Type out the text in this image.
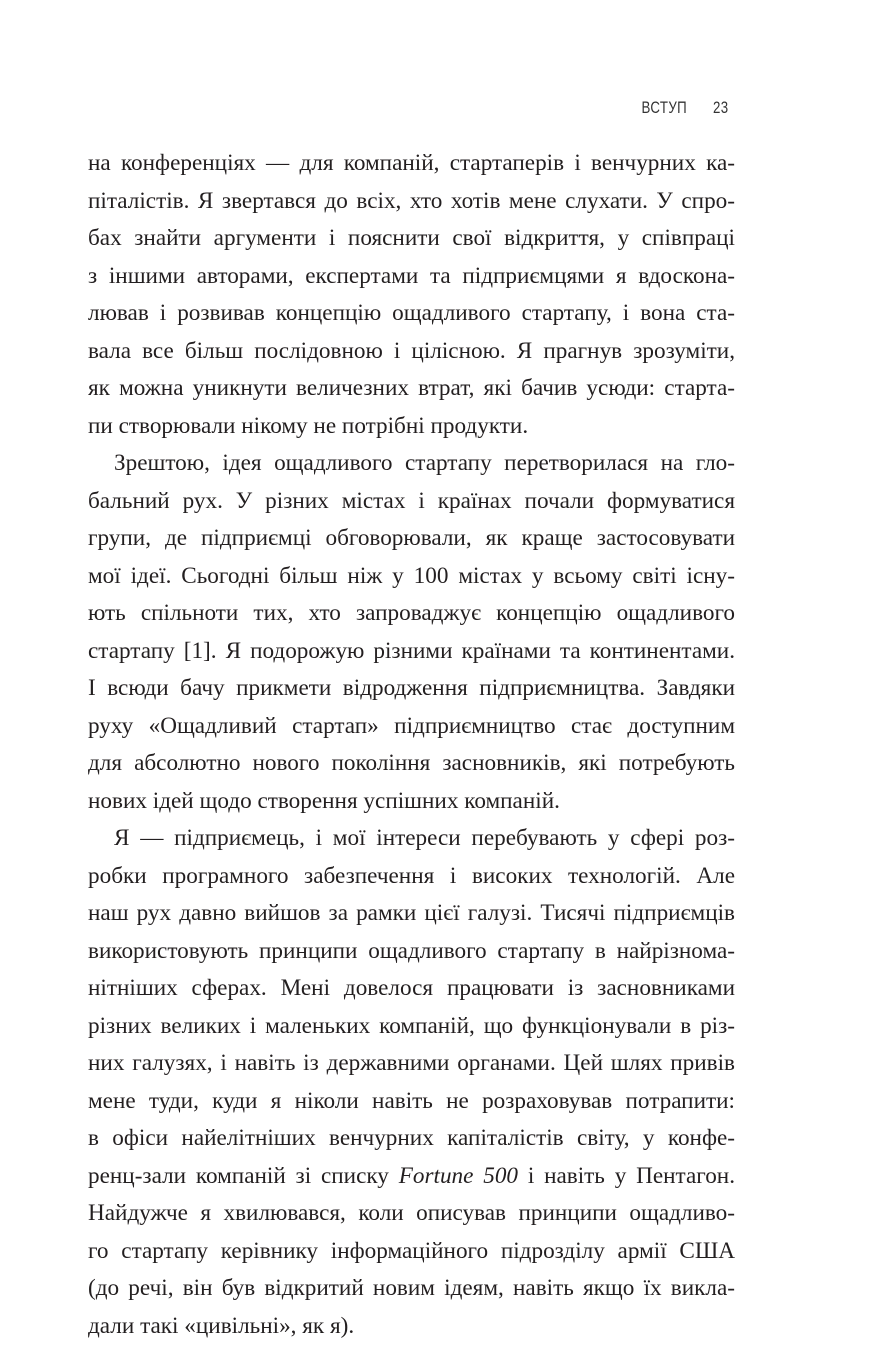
ВСТУП 23
на конференціях — для компаній, стартаперів і венчурних ка-
піталістів. Я звертався до всіх, хто хотів мене слухати. У спро-
бах знайти аргументи і пояснити свої відкриття, у співпраці
з іншими авторами, експертами та підприємцями я вдоскона-
лював і розвивав концепцію ощадливого стартапу, і вона ста-
вала все більш послідовною і цілісною. Я прагнув зрозуміти,
як можна уникнути величезних втрат, які бачив усюди: старта-
пи створювали нікому не потрібні продукти.
Зрештою, ідея ощадливого стартапу перетворилася на гло-
бальний рух. У різних містах і країнах почали формуватися
групи, де підприємці обговорювали, як краще застосовувати
мої ідеї. Сьогодні більш ніж у 100 містах у всьому світі існу-
ють спільноти тих, хто запроваджує концепцію ощадливого
стартапу [1]. Я подорожую різними країнами та континентами.
І всюди бачу прикмети відродження підприємництва. Завдяки
руху «Ощадливий стартап» підприємництво стає доступним
для абсолютно нового покоління засновників, які потребують
нових ідей щодо створення успішних компаній.
Я — підприємець, і мої інтереси перебувають у сфері роз-
робки програмного забезпечення і високих технологій. Але
наш рух давно вийшов за рамки цієї галузі. Тисячі підприємців
використовують принципи ощадливого стартапу в найрізнома-
нітніших сферах. Мені довелося працювати із засновниками
різних великих і маленьких компаній, що функціонували в різ-
них галузях, і навіть із державними органами. Цей шлях привів
мене туди, куди я ніколи навіть не розраховував потрапити:
в офіси найелітніших венчурних капіталістів світу, у конфе-
ренц-зали компаній зі списку Fortune 500 і навіть у Пентагон.
Найдужче я хвилювався, коли описував принципи ощадливо-
го стартапу керівнику інформаційного підрозділу армії США
(до речі, він був відкритий новим ідеям, навіть якщо їх викла-
дали такі «цивільні», як я).
